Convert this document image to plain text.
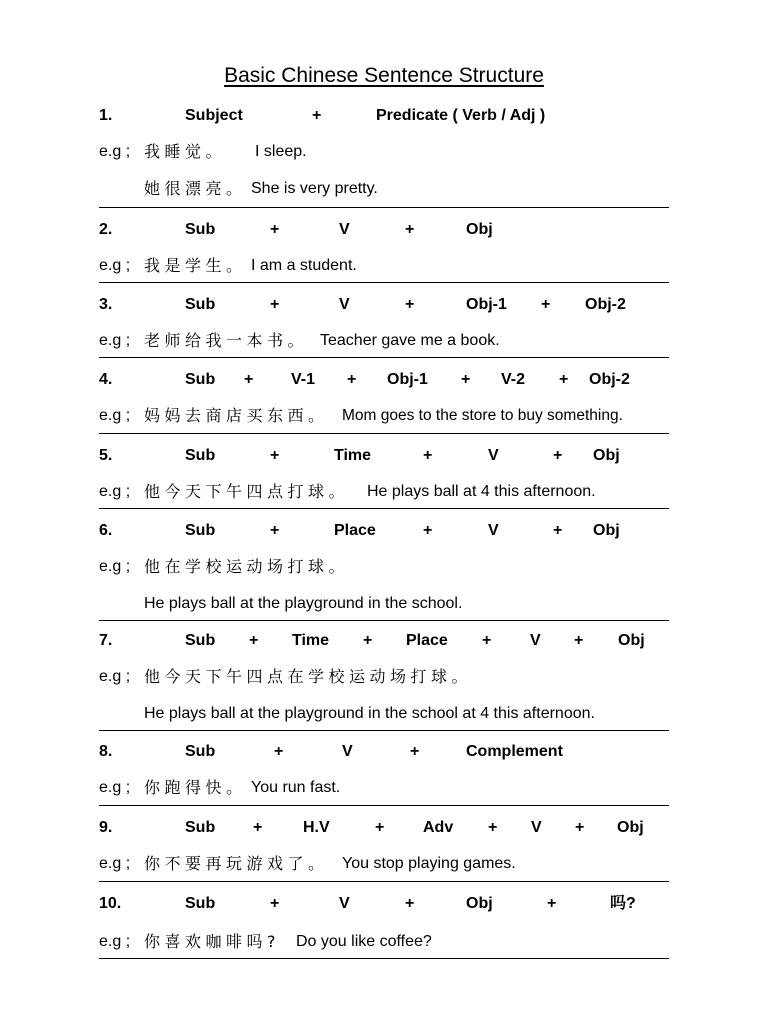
Basic Chinese Sentence Structure
1.	Subject	+	Predicate ( Verb / Adj )
e.g ; 我睡觉。 I sleep.
她很漂亮。 She is very pretty.
2.	Sub	+	V	+	Obj
e.g ; 我是学生。 I am a student.
3.	Sub	+	V	+	Obj-1 + Obj-2
e.g ; 老师给我一本书。 Teacher gave me a book.
4.	Sub + V-1 + Obj-1 + V-2 + Obj-2
e.g ; 妈妈去商店买东西。 Mom goes to the store to buy something.
5.	Sub	+	Time	+	V	+ Obj
e.g ; 他今天下午四点打球。 He plays ball at 4 this afternoon.
6.	Sub	+	Place	+	V	+ Obj
e.g ; 他在学校运动场打球。
He plays ball at the playground in the school.
7.	Sub + Time + Place + V + Obj
e.g ; 他今天下午四点在学校运动场打球。
He plays ball at the playground in the school at 4 this afternoon.
8.	Sub	+	V	+	Complement
e.g ; 你跑得快。 You run fast.
9.	Sub +	H.V	+ Adv + V + Obj
e.g ; 你不要再玩游戏了。 You stop playing games.
10.	Sub	+	V	+	Obj	+	吗?
e.g ; 你喜欢咖啡吗? Do you like coffee?
